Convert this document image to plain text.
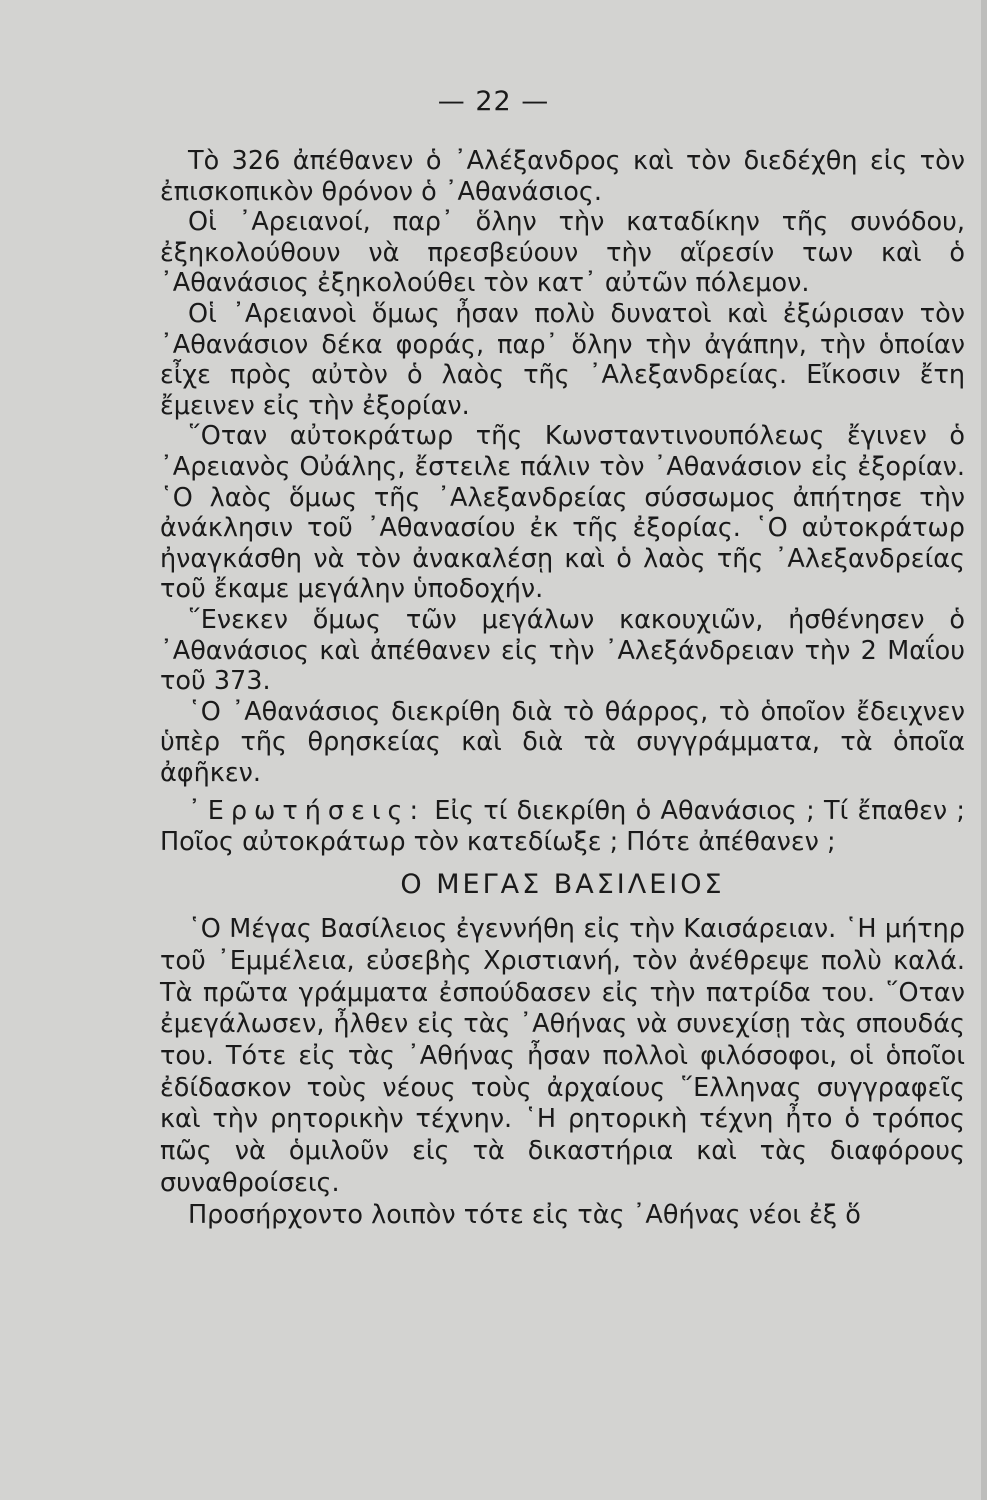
— 22 —

Τὸ 326 ἀπέθανεν ὁ ᾿Αλέξανδρος καὶ τὸν διεδέχθη εἰς τὸν ἐπισκοπικὸν θρόνον ὁ ᾿Αθανάσιος.

Οἱ ᾿Αρειανοί, παρ᾿ ὅλην τὴν καταδίκην τῆς συνόδου, ἐξηκολούθουν νὰ πρεσβεύουν τὴν αἵρεσίν των καὶ ὁ ᾿Αθανάσιος ἐξηκολούθει τὸν κατ᾿ αὐτῶν πόλεμον.

Οἱ ᾿Αρειανοὶ ὅμως ἦσαν πολὺ δυνατοὶ καὶ ἐξώρισαν τὸν ᾿Αθανάσιον δέκα φοράς, παρ᾿ ὅλην τὴν ἀγάπην, τὴν ὁποίαν εἶχε πρὸς αὐτὸν ὁ λαὸς τῆς ᾿Αλεξανδρείας. Εἴκοσιν ἔτη ἔμεινεν εἰς τὴν ἐξορίαν.

῞Οταν αὐτοκράτωρ τῆς Κωνσταντινουπόλεως ἔγινεν ὁ ᾿Αρειανὸς Οὐάλης, ἔστειλε πάλιν τὸν ᾿Αθανάσιον εἰς ἐξορίαν. ῾Ο λαὸς ὅμως τῆς ᾿Αλεξανδρείας σύσσωμος ἀπήτησε τὴν ἀνάκλησιν τοῦ ᾿Αθανασίου ἐκ τῆς ἐξορίας. ῾Ο αὐτοκράτωρ ἠναγκάσθη νὰ τὸν ἀνακαλέσῃ καὶ ὁ λαὸς τῆς ᾿Αλεξανδρείας τοῦ ἔκαμε μεγάλην ὑποδοχήν.

῞Ενεκεν ὅμως τῶν μεγάλων κακουχιῶν, ἠσθένησεν ὁ ᾿Αθανάσιος καὶ ἀπέθανεν εἰς τὴν ᾿Αλεξάνδρειαν τὴν 2 Μαΐου τοῦ 373.

῾Ο ᾿Αθανάσιος διεκρίθη διὰ τὸ θάρρος, τὸ ὁποῖον ἔδειχνεν ὑπὲρ τῆς θρησκείας καὶ διὰ τὰ συγγράμματα, τὰ ὁποῖα ἀφῆκεν.

᾿Ερωτήσεις: Εἰς τί διεκρίθη ὁ Αθανάσιος ; Τί ἔπαθεν ; Ποῖος αὐτοκράτωρ τὸν κατεδίωξε ; Πότε ἀπέθανεν ;

Ο ΜΕΓΑΣ ΒΑΣΙΛΕΙΟΣ

῾Ο Μέγας Βασίλειος ἐγεννήθη εἰς τὴν Καισάρειαν. ῾Η μήτηρ τοῦ ᾿Εμμέλεια, εὐσεβὴς Χριστιανή, τὸν ἀνέθρεψε πολὺ καλά. Τὰ πρῶτα γράμματα ἐσπούδασεν εἰς τὴν πατρίδα του. ῞Οταν ἐμεγάλωσεν, ἦλθεν εἰς τὰς ᾿Αθήνας νὰ συνεχίσῃ τὰς σπουδάς του. Τότε εἰς τὰς ᾿Αθήνας ἦσαν πολλοὶ φιλόσοφοι, οἱ ὁποῖοι ἐδίδασκον τοὺς νέους τοὺς ἀρχαίους ῞Ελληνας συγγραφεῖς καὶ τὴν ρητορικὴν τέχνην. ῾Η ρητορικὴ τέχνη ἦτο ὁ τρόπος πῶς νὰ ὁμιλοῦν εἰς τὰ δικαστήρια καὶ τὰς διαφόρους συναθροίσεις.

Προσήρχοντο λοιπὸν τότε εἰς τὰς ᾿Αθήνας νέοι ἐξ ὅ
